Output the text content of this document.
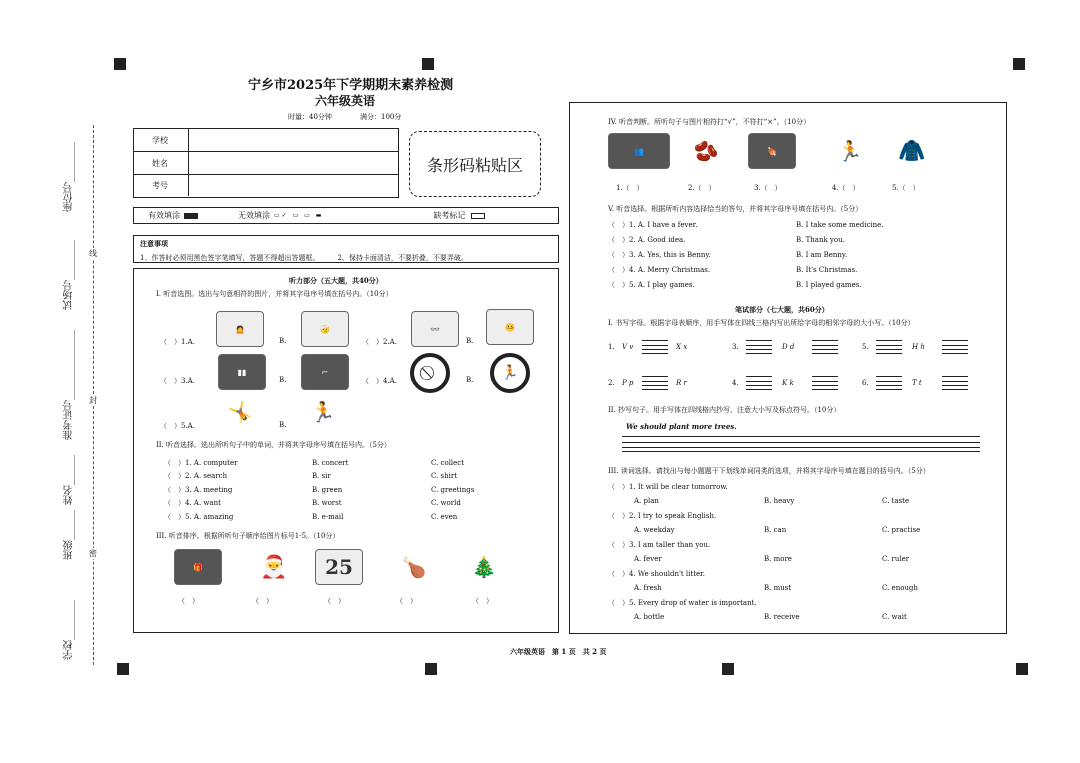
座位号________
试场号________
准考证号______________
姓名______
班级______
学校________
线
封
密
宁乡市2025年下学期期末素养检测
六年级英语
时量：40分钟	满分：100分
学校
姓名
考号
条形码粘贴区
有效填涂	无效填涂 ▭✓ ▭ ▭ ▬	缺考标记
注意事项
1、作答时必须用黑色签字笔填写，答题不得超出答题框。	2、保持卡面清洁，不要折叠，不要弄破。
听力部分（五大题，共40分）
I. 听音选图。选出与句意相符的图片，并将其字母序号填在括号内。（10分）
（　）1.A.
🙍
B.
🤕
（　）2.A.
👓
B.
🤒
（　）3.A.
▮▮
B.
⌐
（　）4.A.	B.	🏃
（　）5.A.
🤸
B.
🏃
II. 听音选择。选出所听句子中的单词，并将其字母序号填在括号内。（5分）
（　）1. A. computer	B. concert	C. collect
（　）2. A. search	B. sir	C. shirt
（　）3. A. meeting	B. green	C. greetings
（　）4. A. want	B. worst	C. world
（　）5. A. amazing	B. e-mail	C. even
III. 听音排序。根据所听句子顺序给图片标号1-5。（10分）
🎁	🎅	25	🍗	🎄
（　）	（　）	（　）	（　）	（　）
IV. 听音判断。所听句子与图片相符打“√”，不符打“×”。（10分）
👥	🫘	🍖	🏃	🧥
1.（　）	2.（　）	3.（　）	4.（　）	5.（　）
V. 听音选择。根据所听内容选择恰当的答句，并将其字母序号填在括号内。（5分）
（　）1. A. I have a fever.	B. I take some medicine.
（　）2. A. Good idea.	B. Thank you.
（　）3. A. Yes, this is Benny.	B. I am Benny.
（　）4. A. Merry Christmas.	B. It's Christmas.
（　）5. A. I play games.	B. I played games.
笔试部分（七大题，共60分）
I. 书写字母。根据字母表顺序，用手写体在四线三格内写出所给字母的相邻字母的大小写。（10分）
1.	V v	X x	3.	D d	5.	H h
2.	P p	R r	4.	K k	6.	T t
II. 抄写句子。用手写体在四线格内抄写，注意大小写及标点符号。（10分）
We should plant more trees.
III. 读词选择。请找出与每小题题干下划线单词同类的选项，并将其字母序号填在题目的括号内。（5分）
（　）1. It will be clear tomorrow.
A. plan	B. heavy	C. taste
（　）2. I try to speak English.
A. weekday	B. can	C. practise
（　）3. I am taller than you.
A. fever	B. more	C. ruler
（　）4. We shouldn't litter.
A. fresh	B. must	C. enough
（　）5. Every drop of water is important.
A. bottle	B. receive	C. wait
六年级英语　第 1 页　共 2 页
